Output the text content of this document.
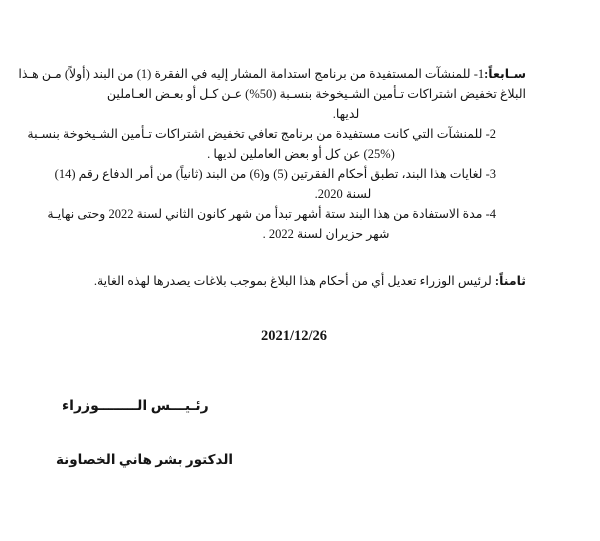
سـابعاً:1- للمنشآت المستفيدة من برنامج استدامة المشار إليه في الفقرة (1) من البند (أولاً) مـن هـذا
البلاغ تخفيض اشتراكات تـأمين الشـيخوخة بنسـبة (50%) عـن كـل أو بعـض العـاملين
لديها.
2- للمنشآت التي كانت مستفيدة من برنامج تعافي تخفيض اشتراكات تـأمين الشـيخوخة بنسـبة
(25%) عن كل أو بعض العاملين لديها .
3- لغايات هذا البند، تطبق أحكام الفقرتين (5) و(6) من البند (ثانياً) من أمر الدفاع رقم (14)
لسنة 2020.
4- مدة الاستفادة من هذا البند ستة أشهر تبدأ من شهر كانون الثاني لسنة 2022 وحتى نهايـة
شهر حزيران لسنة 2022 .
ثامناً: لرئيس الوزراء تعديل أي من أحكام هذا البلاغ بموجب بلاغات يصدرها لهذه الغاية.
2021/12/26
رئـيـــس الــــــــوزراء
الدكتور بشر هاني الخصاونة
